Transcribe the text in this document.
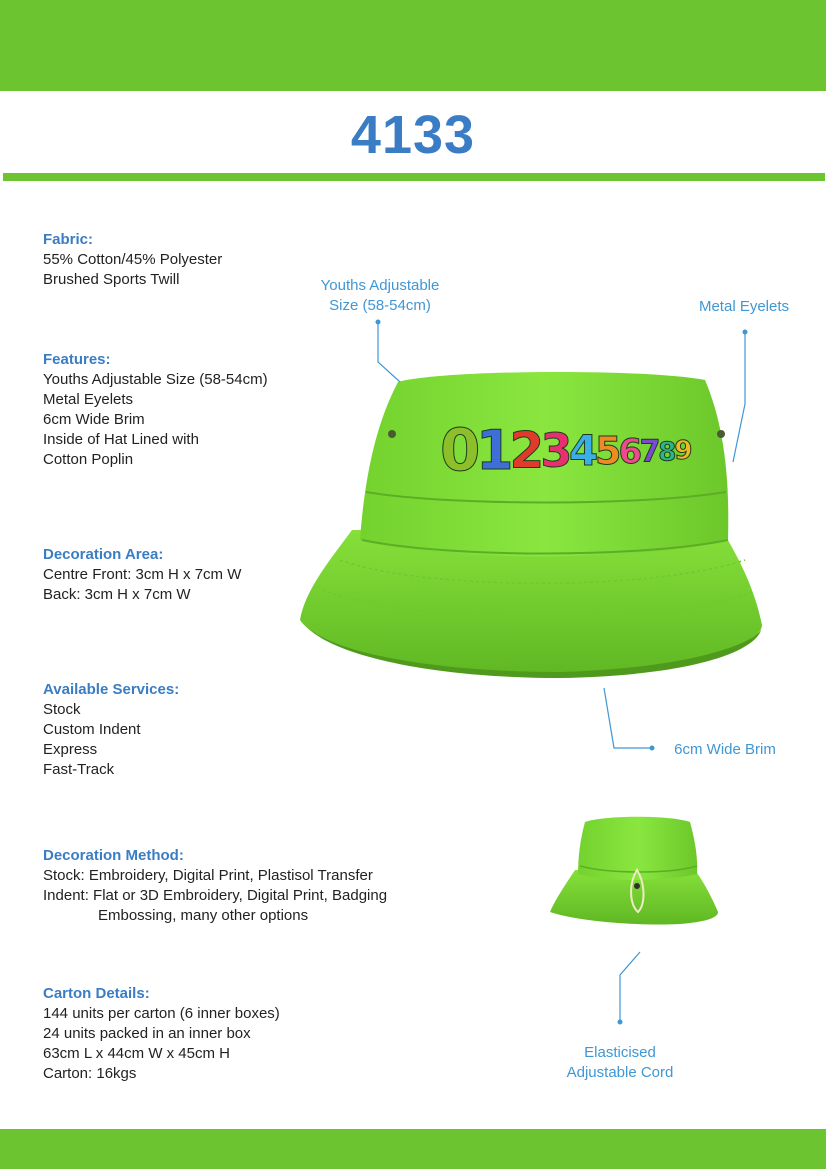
4133

Fabric:

55% Cotton/45% Polyester

Brushed Sports Twill

Features:

Youths Adjustable Size (58-54cm)

Metal Eyelets

6cm Wide Brim

Inside of Hat Lined with

Cotton Poplin

Decoration Area:

Centre Front: 3cm H x 7cm W

Back: 3cm H x 7cm W

Available Services:

Stock

Custom Indent

Express

Fast-Track

Decoration Method:

Stock: Embroidery, Digital Print, Plastisol Transfer

Indent: Flat or 3D Embroidery, Digital Print, Badging

Embossing, many other options

Carton Details:

144 units per carton (6 inner boxes)

24 units packed in an inner box

63cm L x 44cm W x 45cm H

Carton: 16kgs

0
1
2
3
4
5
6
7
8
9
Youths Adjustable
Size (58-54cm)	Metal Eyelets
6cm Wide Brim
Elasticised
Adjustable Cord
